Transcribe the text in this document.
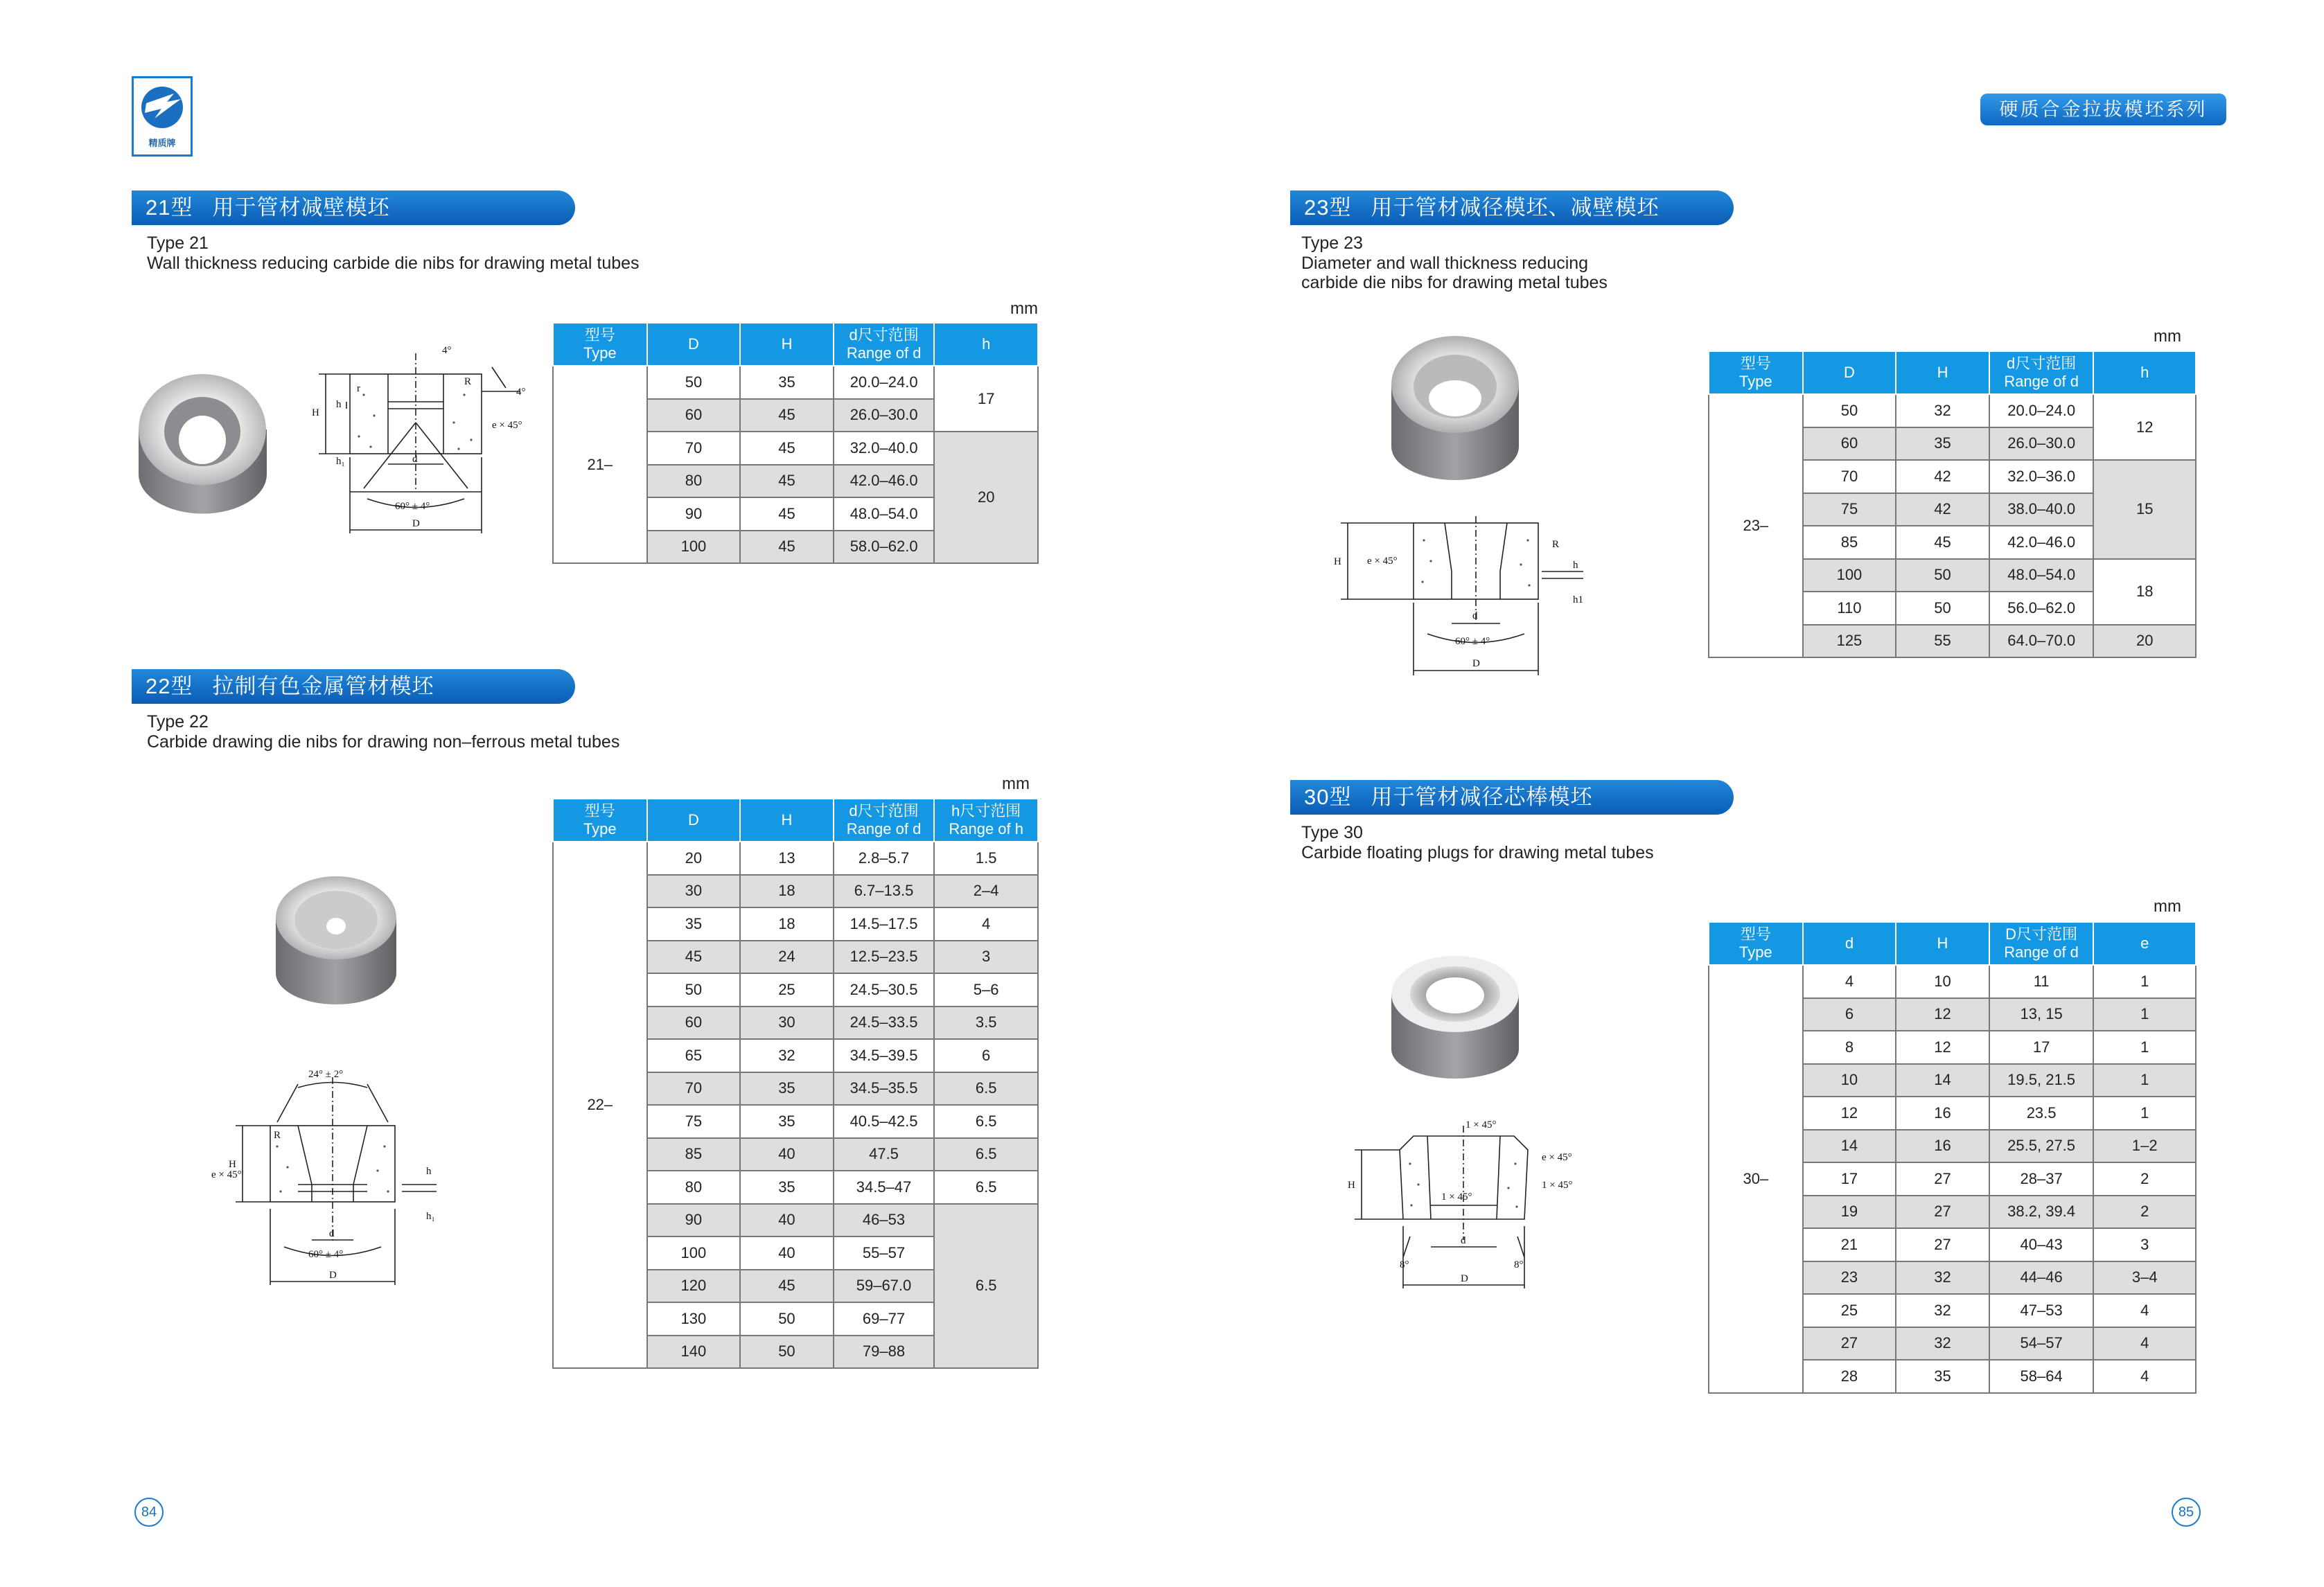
精质牌
硬质合金拉拔模坯系列
21型 用于管材减壁模坯
Type 21
Wall thickness reducing carbide die nibs for drawing metal tubes
mm
4°
4°
e × 45°
60° ± 4°
D
d
H
h
h₁
r
R
型号
Type	D	H	d尺寸范围
Range of d	h

21–	50	35	20.0–24.0	17
	60	45	26.0–30.0	
	70	45	32.0–40.0	20
	80	45	42.0–46.0	
	90	45	48.0–54.0	
	100	45	58.0–62.0	
22型 拉制有色金属管材模坯
Type 22
Carbide drawing die nibs for drawing non–ferrous metal tubes
mm
24° ± 2°
e × 45°
60° ± 4°
D
d
H
h
h₁
R
型号
Type	D	H	d尺寸范围
Range of d	h尺寸范围
Range of h

22–	20	13	2.8–5.7	1.5
	30	18	6.7–13.5	2–4
	35	18	14.5–17.5	4
	45	24	12.5–23.5	3
	50	25	24.5–30.5	5–6
	60	30	24.5–33.5	3.5
	65	32	34.5–39.5	6
	70	35	34.5–35.5	6.5
	75	35	40.5–42.5	6.5
	85	40	47.5	6.5
	80	35	34.5–47	6.5
	90	40	46–53	6.5
	100	40	55–57	
	120	45	59–67.0	
	130	50	69–77	
	140	50	79–88	
23型 用于管材减径模坯、减壁模坯
Type 23
Diameter and wall thickness reducing
carbide die nibs for drawing metal tubes
mm
e × 45°
60° ± 4°
D
d
H	h
h1
R
型号
Type	D	H	d尺寸范围
Range of d	h

23–	50	32	20.0–24.0	12
	60	35	26.0–30.0	
	70	42	32.0–36.0	15
	75	42	38.0–40.0	
	85	45	42.0–46.0	
	100	50	48.0–54.0	18
	110	50	56.0–62.0	
	125	55	64.0–70.0	20
30型 用于管材减径芯棒模坯
Type 30
Carbide floating plugs for drawing metal tubes
mm
1 × 45°
e × 45°
1 × 45°
1 × 45°
8°	8°
D
d
H
型号
Type	d	H	D尺寸范围
Range of d	e

30–	4	10	11	1
	6	12	13, 15	1
	8	12	17	1
	10	14	19.5, 21.5	1
	12	16	23.5	1
	14	16	25.5, 27.5	1–2
	17	27	28–37	2
	19	27	38.2, 39.4	2
	21	27	40–43	3
	23	32	44–46	3–4
	25	32	47–53	4
	27	32	54–57	4
	28	35	58–64	4
84	85
